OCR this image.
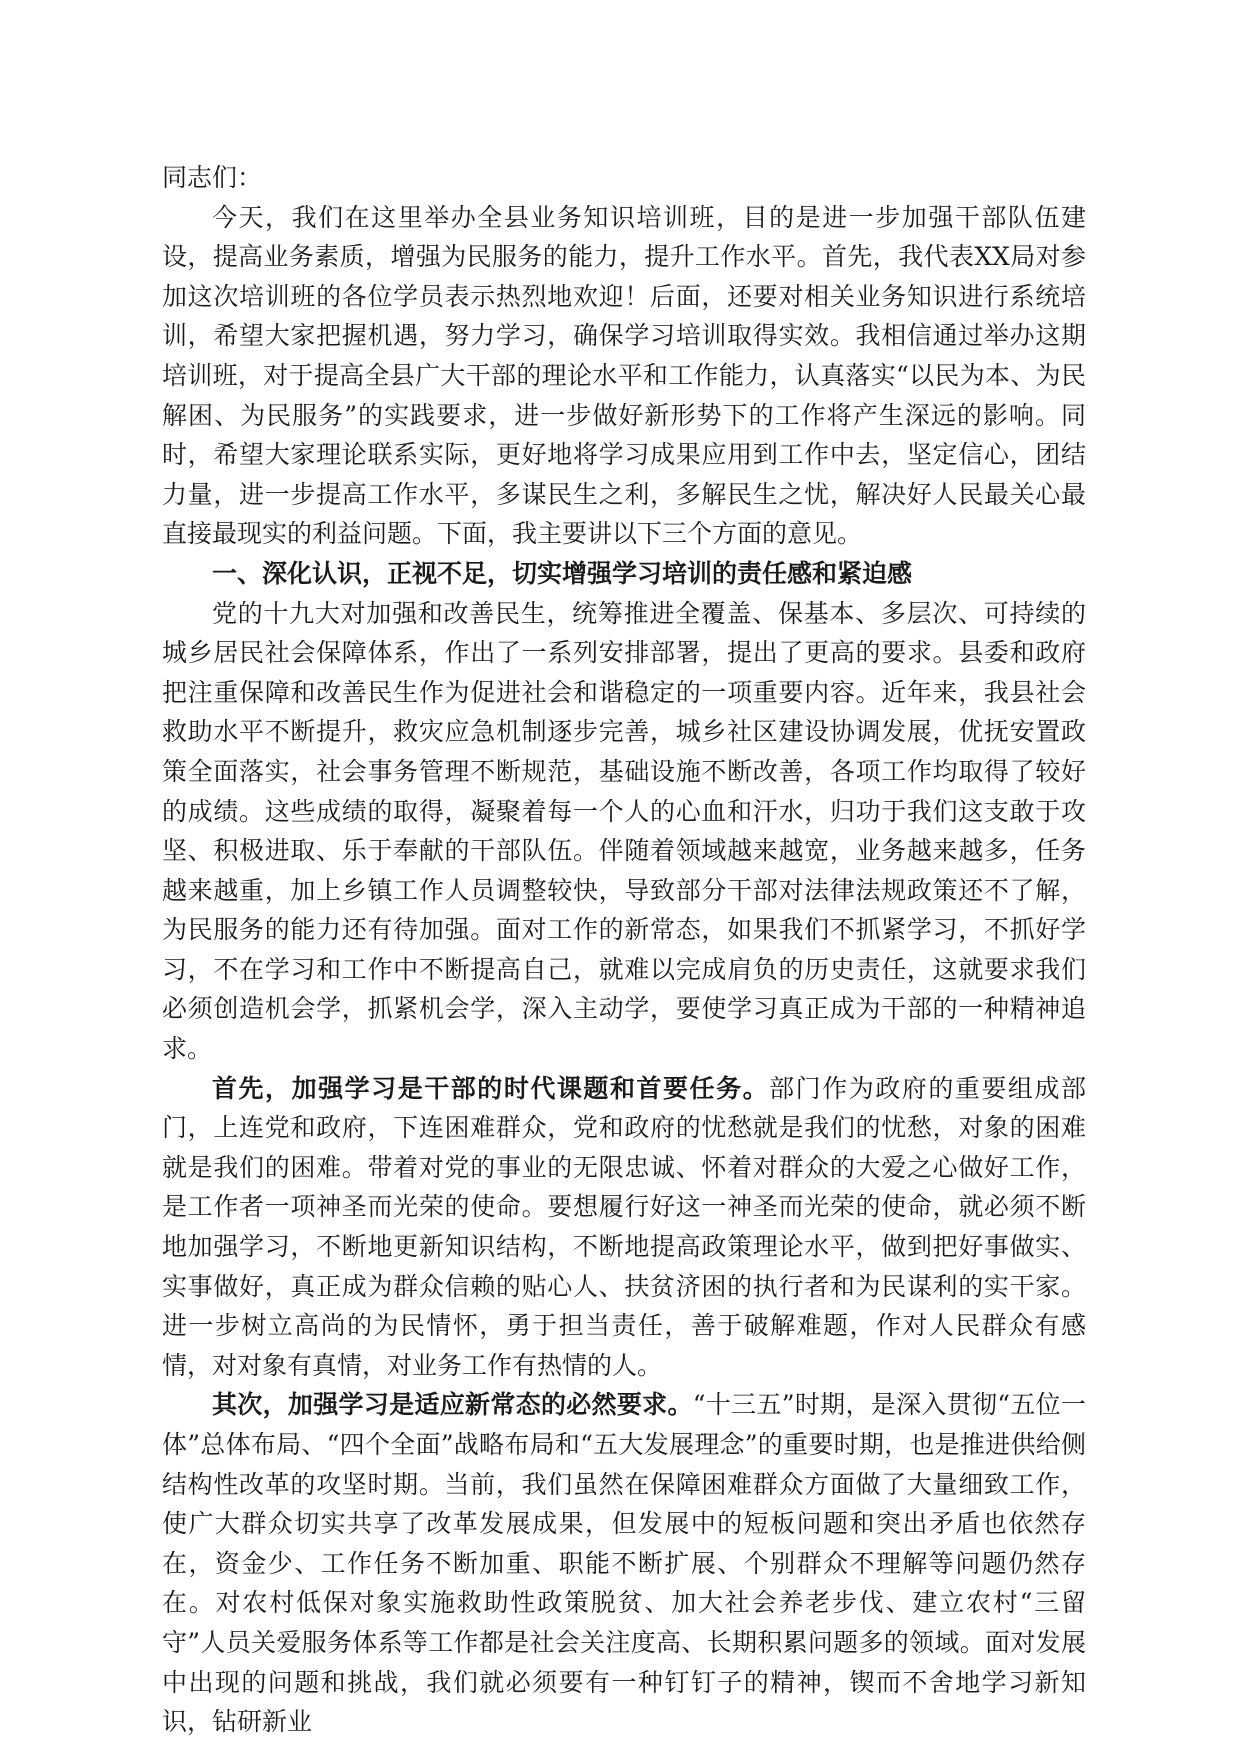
同志们：

今天，我们在这里举办全县业务知识培训班，目的是进一步加强干部队伍建设，提高业务素质，增强为民服务的能力，提升工作水平。首先，我代表XX局对参加这次培训班的各位学员表示热烈地欢迎！后面，还要对相关业务知识进行系统培训，希望大家把握机遇，努力学习，确保学习培训取得实效。我相信通过举办这期培训班，对于提高全县广大干部的理论水平和工作能力，认真落实“以民为本、为民解困、为民服务”的实践要求，进一步做好新形势下的工作将产生深远的影响。同时，希望大家理论联系实际，更好地将学习成果应用到工作中去，坚定信心，团结力量，进一步提高工作水平，多谋民生之利，多解民生之忧，解决好人民最关心最直接最现实的利益问题。下面，我主要讲以下三个方面的意见。

一、深化认识，正视不足，切实增强学习培训的责任感和紧迫感

党的十九大对加强和改善民生，统筹推进全覆盖、保基本、多层次、可持续的城乡居民社会保障体系，作出了一系列安排部署，提出了更高的要求。县委和政府把注重保障和改善民生作为促进社会和谐稳定的一项重要内容。近年来，我县社会救助水平不断提升，救灾应急机制逐步完善，城乡社区建设协调发展，优抚安置政策全面落实，社会事务管理不断规范，基础设施不断改善，各项工作均取得了较好的成绩。这些成绩的取得，凝聚着每一个人的心血和汗水，归功于我们这支敢于攻坚、积极进取、乐于奉献的干部队伍。伴随着领域越来越宽，业务越来越多，任务越来越重，加上乡镇工作人员调整较快，导致部分干部对法律法规政策还不了解，为民服务的能力还有待加强。面对工作的新常态，如果我们不抓紧学习，不抓好学习，不在学习和工作中不断提高自己，就难以完成肩负的历史责任，这就要求我们必须创造机会学，抓紧机会学，深入主动学，要使学习真正成为干部的一种精神追求。

首先，加强学习是干部的时代课题和首要任务。部门作为政府的重要组成部门，上连党和政府，下连困难群众，党和政府的忧愁就是我们的忧愁，对象的困难就是我们的困难。带着对党的事业的无限忠诚、怀着对群众的大爱之心做好工作，是工作者一项神圣而光荣的使命。要想履行好这一神圣而光荣的使命，就必须不断地加强学习，不断地更新知识结构，不断地提高政策理论水平，做到把好事做实、实事做好，真正成为群众信赖的贴心人、扶贫济困的执行者和为民谋利的实干家。进一步树立高尚的为民情怀，勇于担当责任，善于破解难题，作对人民群众有感情，对对象有真情，对业务工作有热情的人。

其次，加强学习是适应新常态的必然要求。“十三五”时期，是深入贯彻“五位一体”总体布局、“四个全面”战略布局和“五大发展理念”的重要时期，也是推进供给侧结构性改革的攻坚时期。当前，我们虽然在保障困难群众方面做了大量细致工作，使广大群众切实共享了改革发展成果，但发展中的短板问题和突出矛盾也依然存在，资金少、工作任务不断加重、职能不断扩展、个别群众不理解等问题仍然存在。对农村低保对象实施救助性政策脱贫、加大社会养老步伐、建立农村“三留守”人员关爱服务体系等工作都是社会关注度高、长期积累问题多的领域。面对发展中出现的问题和挑战，我们就必须要有一种钉钉子的精神，锲而不舍地学习新知识，钻研新业
